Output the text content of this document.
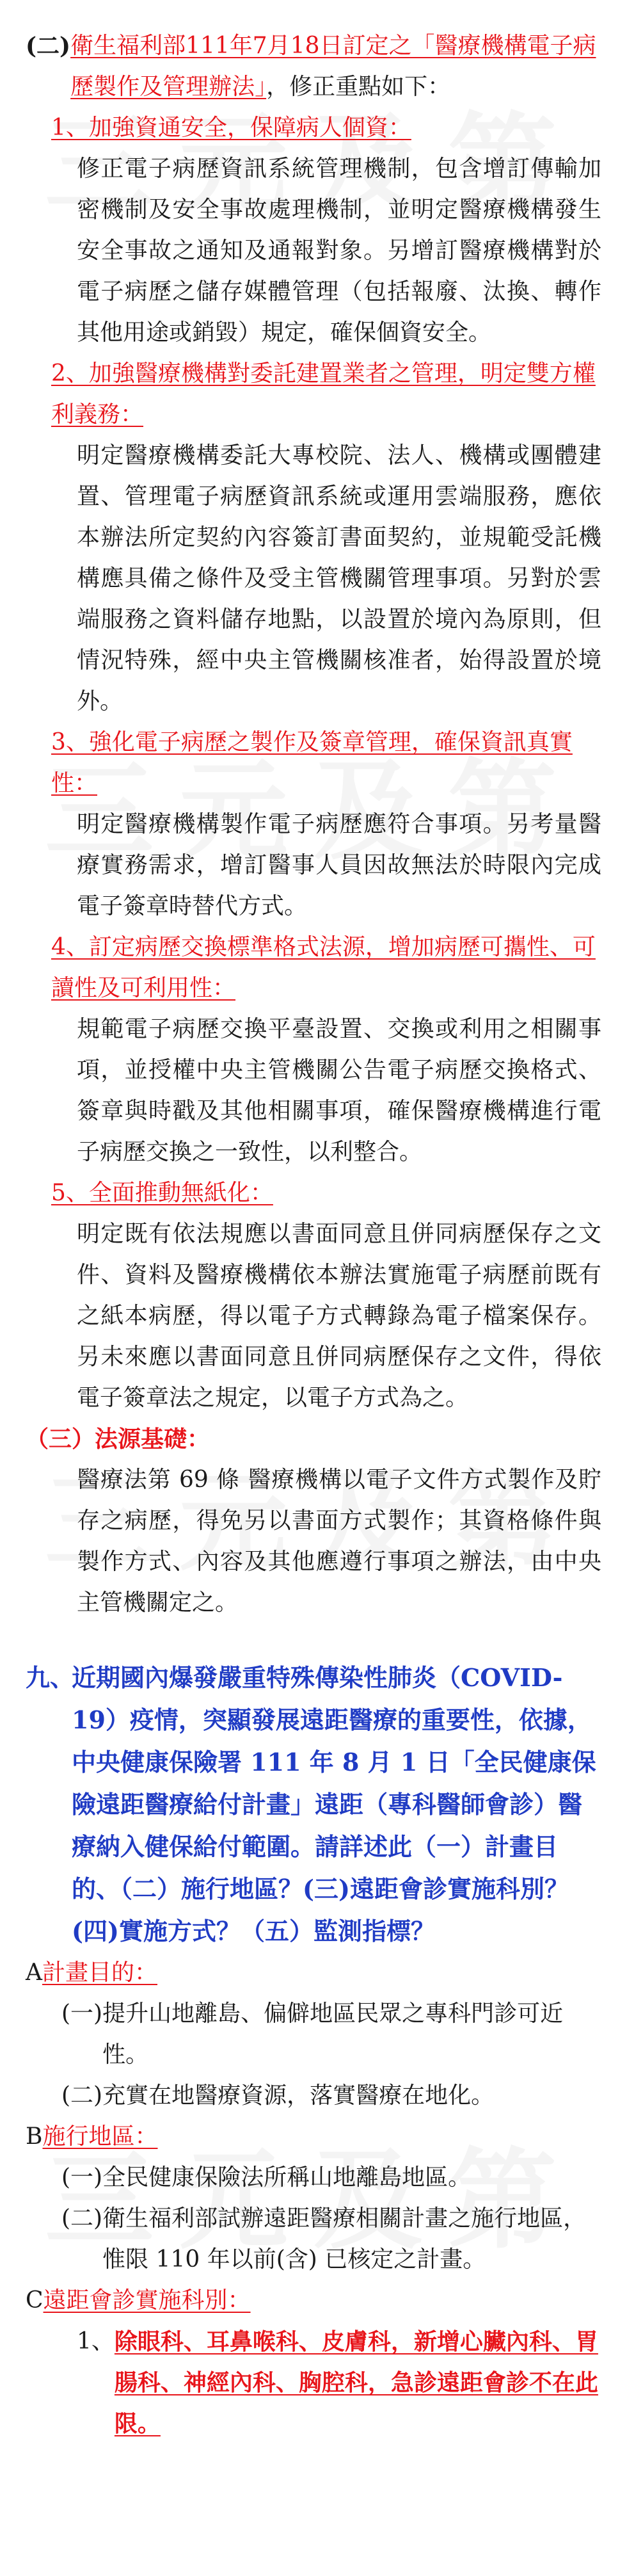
(二) 衛生福利部111年7月18日訂定之「醫療機構電子病歷製作及管理辦法」，修正重點如下：
1、加強資通安全，保障病人個資：
修正電子病歷資訊系統管理機制，包含增訂傳輸加密機制及安全事故處理機制，並明定醫療機構發生安全事故之通知及通報對象。另增訂醫療機構對於電子病歷之儲存媒體管理（包括報廢、汰換、轉作其他用途或銷毀）規定，確保個資安全。
2、加強醫療機構對委託建置業者之管理，明定雙方權利義務：
明定醫療機構委託大專校院、法人、機構或團體建置、管理電子病歷資訊系統或運用雲端服務，應依本辦法所定契約內容簽訂書面契約，並規範受託機構應具備之條件及受主管機關管理事項。另對於雲端服務之資料儲存地點，以設置於境內為原則，但情況特殊，經中央主管機關核准者，始得設置於境外。
3、強化電子病歷之製作及簽章管理，確保資訊真實性：
明定醫療機構製作電子病歷應符合事項。另考量醫療實務需求，增訂醫事人員因故無法於時限內完成電子簽章時替代方式。
4、訂定病歷交換標準格式法源，增加病歷可攜性、可讀性及可利用性：
規範電子病歷交換平臺設置、交換或利用之相關事項，並授權中央主管機關公告電子病歷交換格式、簽章與時戳及其他相關事項，確保醫療機構進行電子病歷交換之一致性，以利整合。
5、全面推動無紙化：
明定既有依法規應以書面同意且併同病歷保存之文件、資料及醫療機構依本辦法實施電子病歷前既有之紙本病歷，得以電子方式轉錄為電子檔案保存。另未來應以書面同意且併同病歷保存之文件，得依電子簽章法之規定，以電子方式為之。
（三） 法源基礎：
醫療法第 69 條 醫療機構以電子文件方式製作及貯存之病歷，得免另以書面方式製作；其資格條件與製作方式、內容及其他應遵行事項之辦法，由中央主管機關定之。
九、
近期國內爆發嚴重特殊傳染性肺炎（COVID-19）疫情，突顯發展遠距醫療的重要性，依據，中央健康保險署 111 年 8 月 1 日「全民健康保險遠距醫療給付計畫」遠距（專科醫師會診）醫療納入健保給付範圍。請詳述此（一）計畫目的、（二）施行地區？(三)遠距會診實施科別？(四)實施方式？（五）監測指標？
A計畫目的：
(一) 提升山地離島、偏僻地區民眾之專科門診可近性。
(二) 充實在地醫療資源，落實醫療在地化。
B施行地區：
(一) 全民健康保險法所稱山地離島地區。
(二) 衛生福利部試辦遠距醫療相關計畫之施行地區，惟限 110 年以前(含) 已核定之計畫。
C遠距會診實施科別：
1、 除眼科、耳鼻喉科、皮膚科，新增心臟內科、胃腸科、神經內科、胸腔科，急診遠距會診不在此限。
